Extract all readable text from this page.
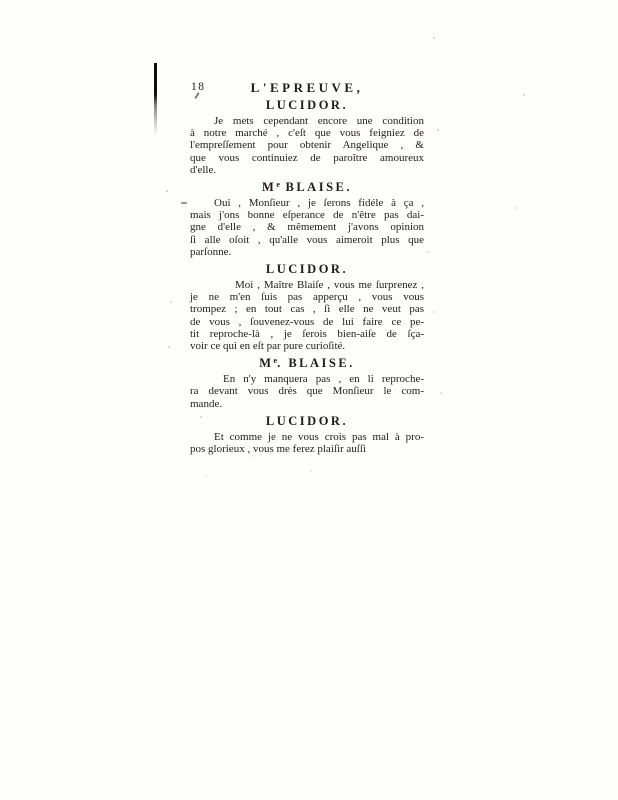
18	L'EPREUVE,
LUCIDOR.

Je mets cependant encore une condition

à notre marché , c'eſt que vous feigniez de

l'empreſſement pour obtenir Angelique , &

que vous continuiez de paroître amoureux

d'elle.

Me BLAISE.

Oui , Monſieur , je ſerons fidéle à ça ,

mais j'ons bonne eſperance de n'être pas dai-

gne d'elle , & mêmement j'avons opinion

ſi alle oſoit , qu'alle vous aimeroit plus que

parſonne.

LUCIDOR.

Moi , Maître Blaiſe , vous me ſurprenez ,

je ne m'en ſuis pas apperçu , vous vous

trompez ; en tout cas , ſi elle ne veut pas

de vous , ſouvenez-vous de lui faire ce pe-

tit reproche-là , je ſerois bien-aiſe de ſça-

voir ce qui en eſt par pure curioſité.

Me. BLAISE.

En n'y manquera pas , en li reproche-

ra devant vous drès que Monſieur le com-

mande.

LUCIDOR.

Et comme je ne vous crois pas mal à pro-

pos glorieux , vous me ferez plaiſir auſſi
